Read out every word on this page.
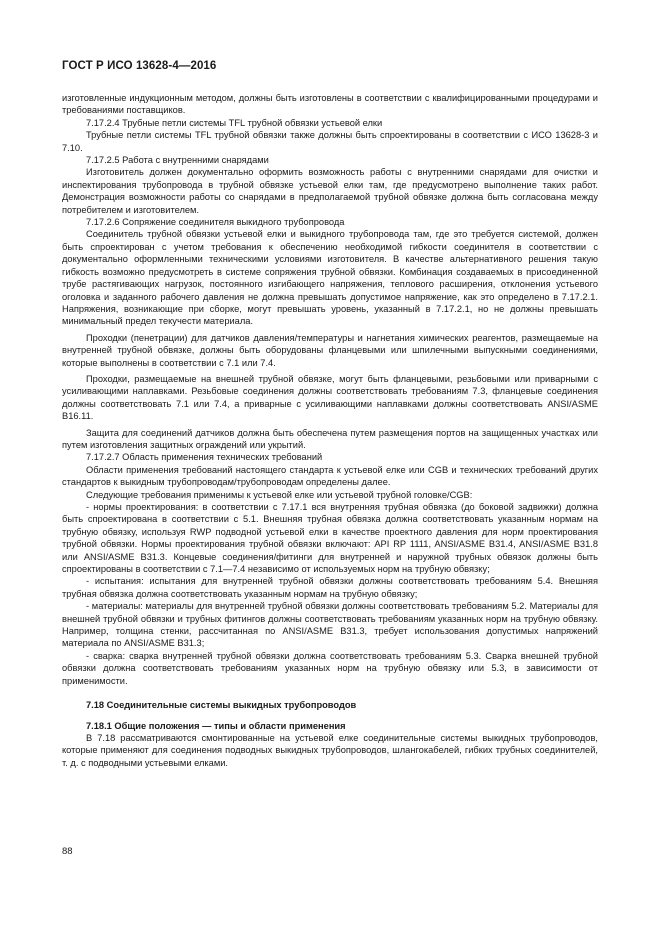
ГОСТ Р ИСО 13628-4—2016

изготовленные индукционным методом, должны быть изготовлены в соответствии с квалифицированными процедурами и требованиями поставщиков.

7.17.2.4 Трубные петли системы TFL трубной обвязки устьевой елки

Трубные петли системы TFL трубной обвязки также должны быть спроектированы в соответствии с ИСО 13628-3 и 7.10.

7.17.2.5 Работа с внутренними снарядами

Изготовитель должен документально оформить возможность работы с внутренними снарядами для очистки и инспектирования трубопровода в трубной обвязке устьевой елки там, где предусмотрено выполнение таких работ. Демонстрация возможности работы со снарядами в предполагаемой трубной обвязке должна быть согласована между потребителем и изготовителем.

7.17.2.6 Сопряжение соединителя выкидного трубопровода

Соединитель трубной обвязки устьевой елки и выкидного трубопровода там, где это требуется системой, должен быть спроектирован с учетом требования к обеспечению необходимой гибкости соединителя в соответствии с документально оформленными техническими условиями изготовителя. В качестве альтернативного решения такую гибкость возможно предусмотреть в системе сопряжения трубной обвязки. Комбинация создаваемых в присоединенной трубе растягивающих нагрузок, постоянного изгибающего напряжения, теплового расширения, отклонения устьевого оголовка и заданного рабочего давления не должна превышать допустимое напряжение, как это определено в 7.17.2.1. Напряжения, возникающие при сборке, могут превышать уровень, указанный в 7.17.2.1, но не должны превышать минимальный предел текучести материала.

Проходки (пенетрации) для датчиков давления/температуры и нагнетания химических реагентов, размещаемые на внутренней трубной обвязке, должны быть оборудованы фланцевыми или шпилечными выпускными соединениями, которые выполнены в соответствии с 7.1 или 7.4.

Проходки, размещаемые на внешней трубной обвязке, могут быть фланцевыми, резьбовыми или приварными с усиливающими наплавками. Резьбовые соединения должны соответствовать требованиям 7.3, фланцевые соединения должны соответствовать 7.1 или 7.4, а приварные с усиливающими наплавками должны соответствовать ANSI/ASME B16.11.

Защита для соединений датчиков должна быть обеспечена путем размещения портов на защищенных участках или путем изготовления защитных ограждений или укрытий.

7.17.2.7 Область применения технических требований

Области применения требований настоящего стандарта к устьевой елке или CGB и технических требований других стандартов к выкидным трубопроводам/трубопроводам определены далее.

Следующие требования применимы к устьевой елке или устьевой трубной головке/CGB:

- нормы проектирования: в соответствии с 7.17.1 вся внутренняя трубная обвязка (до боковой задвижки) должна быть спроектирована в соответствии с 5.1. Внешняя трубная обвязка должна соответствовать указанным нормам на трубную обвязку, используя RWP подводной устьевой елки в качестве проектного давления для норм проектирования трубной обвязки. Нормы проектирования трубной обвязки включают: API RP 1111, ANSI/ASME B31.4, ANSI/ASME B31.8 или ANSI/ASME B31.3. Концевые соединения/фитинги для внутренней и наружной трубных обвязок должны быть спроектированы в соответствии с 7.1—7.4 независимо от используемых норм на трубную обвязку;

- испытания: испытания для внутренней трубной обвязки должны соответствовать требованиям 5.4. Внешняя трубная обвязка должна соответствовать указанным нормам на трубную обвязку;

- материалы: материалы для внутренней трубной обвязки должны соответствовать требованиям 5.2. Материалы для внешней трубной обвязки и трубных фитингов должны соответствовать требованиям указанных норм на трубную обвязку. Например, толщина стенки, рассчитанная по ANSI/ASME B31.3, требует использования допустимых напряжений материала по ANSI/ASME B31.3;

- сварка: сварка внутренней трубной обвязки должна соответствовать требованиям 5.3. Сварка внешней трубной обвязки должна соответствовать требованиям указанных норм на трубную обвязку или 5.3, в зависимости от применимости.

7.18 Соединительные системы выкидных трубопроводов

7.18.1 Общие положения — типы и области применения

В 7.18 рассматриваются смонтированные на устьевой елке соединительные системы выкидных трубопроводов, которые применяют для соединения подводных выкидных трубопроводов, шлангокабелей, гибких трубных соединителей, т. д. с подводными устьевыми елками.

88
